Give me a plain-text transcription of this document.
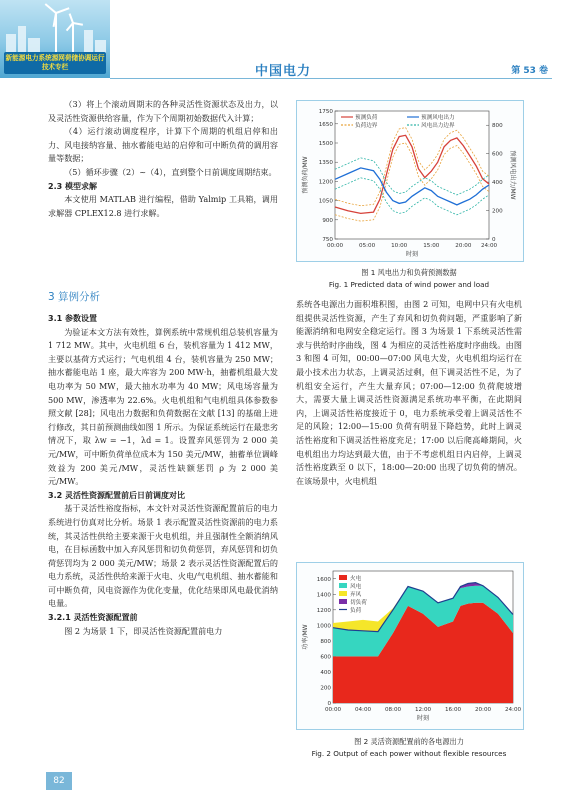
新能源电力系统源网荷储协调运行技术专栏	中国电力	第 53 卷

（3）将上个滚动周期末的各种灵活性资源状态及出力，以及灵活性资源供给容量，作为下个周期初始数据代入计算；

（4）运行滚动调度程序，计算下个周期的机组启停和出力、风电接纳容量、抽水蓄能电站的启停和可中断负荷的调用容量等数据；

（5）循环步骤（2）~（4），直到整个日前调度周期结束。

2.3 模型求解

本文使用 MATLAB 进行编程，借助 Yalmip 工具箱，调用求解器 CPLEX12.8 进行求解。

3 算例分析

3.1 参数设置

为验证本文方法有效性，算例系统中常规机组总装机容量为 1 712 MW。其中，火电机组 6 台，装机容量为 1 412 MW，主要以基荷方式运行；气电机组 4 台，装机容量为 250 MW；抽水蓄能电站 1 座，最大库容为 200 MW·h，抽蓄机组最大发电功率为 50 MW，最大抽水功率为 40 MW；风电场容量为 500 MW，渗透率为 22.6%。火电机组和气电机组具体参数参照文献 [28]；风电出力数据和负荷数据在文献 [13] 的基础上进行修改，其日前预测曲线如图 1 所示。为保证系统运行在最悲劣情况下，取 λw = −1，λd = 1。设置弃风惩罚为 2 000 美元/MW，可中断负荷单位成本为 150 美元/MW，抽蓄单位调峰效益为 200 美元/MW，灵活性缺额惩罚 ρ 为 2 000 美元/MW。

3.2 灵活性资源配置前后日前调度对比

基于灵活性裕度指标，本文针对灵活性资源配置前后的电力系统进行仿真对比分析。场景 1 表示配置灵活性资源前的电力系统，其灵活性供给主要来源于火电机组，并且强制性全额消纳风电，在目标函数中加入弃风惩罚和切负荷惩罚，弃风惩罚和切负荷惩罚均为 2 000 美元/MW；场景 2 表示灵活性资源配置后的电力系统，灵活性供给来源于火电、火电/气电机组、抽水蓄能和可中断负荷，风电资源作为优化变量，优化结果即风电最优消纳电量。

3.2.1 灵活性资源配置前

图 2 为场景 1 下，即灵活性资源配置前电力

750
900
1050
1200
1350
1500
1650
1750
0
200
400
600
800
00:00	05:00	10:00	15:00	20:00 24:00
时刻
预测负荷/MW	预测风电出力/MW
预测负荷	预测风电出力
负荷边界	风电出力边界
图 1 风电出力和负荷预测数据
Fig. 1 Predicted data of wind power and load

系统各电源出力面积堆积图，由图 2 可知，电网中只有火电机组提供灵活性资源，产生了弃风和切负荷问题，严重影响了新能源消纳和电网安全稳定运行。图 3 为场景 1 下系统灵活性需求与供给时序曲线，图 4 为相应的灵活性裕度时序曲线。由图 3 和图 4 可知，00:00—07:00 风电大发，火电机组均运行在最小技术出力状态，上调灵活过剩，但下调灵活性不足，为了机组安全运行，产生大量弃风；07:00—12:00 负荷爬坡增大，需要大量上调灵活性资源满足系统功率平衡，在此期间内，上调灵活性裕度接近于 0，电力系统承受着上调灵活性不足的风险；12:00—15:00 负荷有明显下降趋势，此时上调灵活性裕度和下调灵活性裕度充足；17:00 以后爬高峰期间，火电机组出力均达到最大值，由于不考虑机组日内启停，上调灵活性裕度跌至 0 以下，18:00—20:00 出现了切负荷的情况。在该场景中，火电机组

0
200
400
600
800
1000
1200
1400
1600
00:00 04:00 08:00 12:00 16:00 20:00 24:00
时刻
功率/MW
火电
风电
弃风
切负荷
负荷
图 2 灵活资源配置前的各电源出力
Fig. 2 Output of each power without flexible resources
82
